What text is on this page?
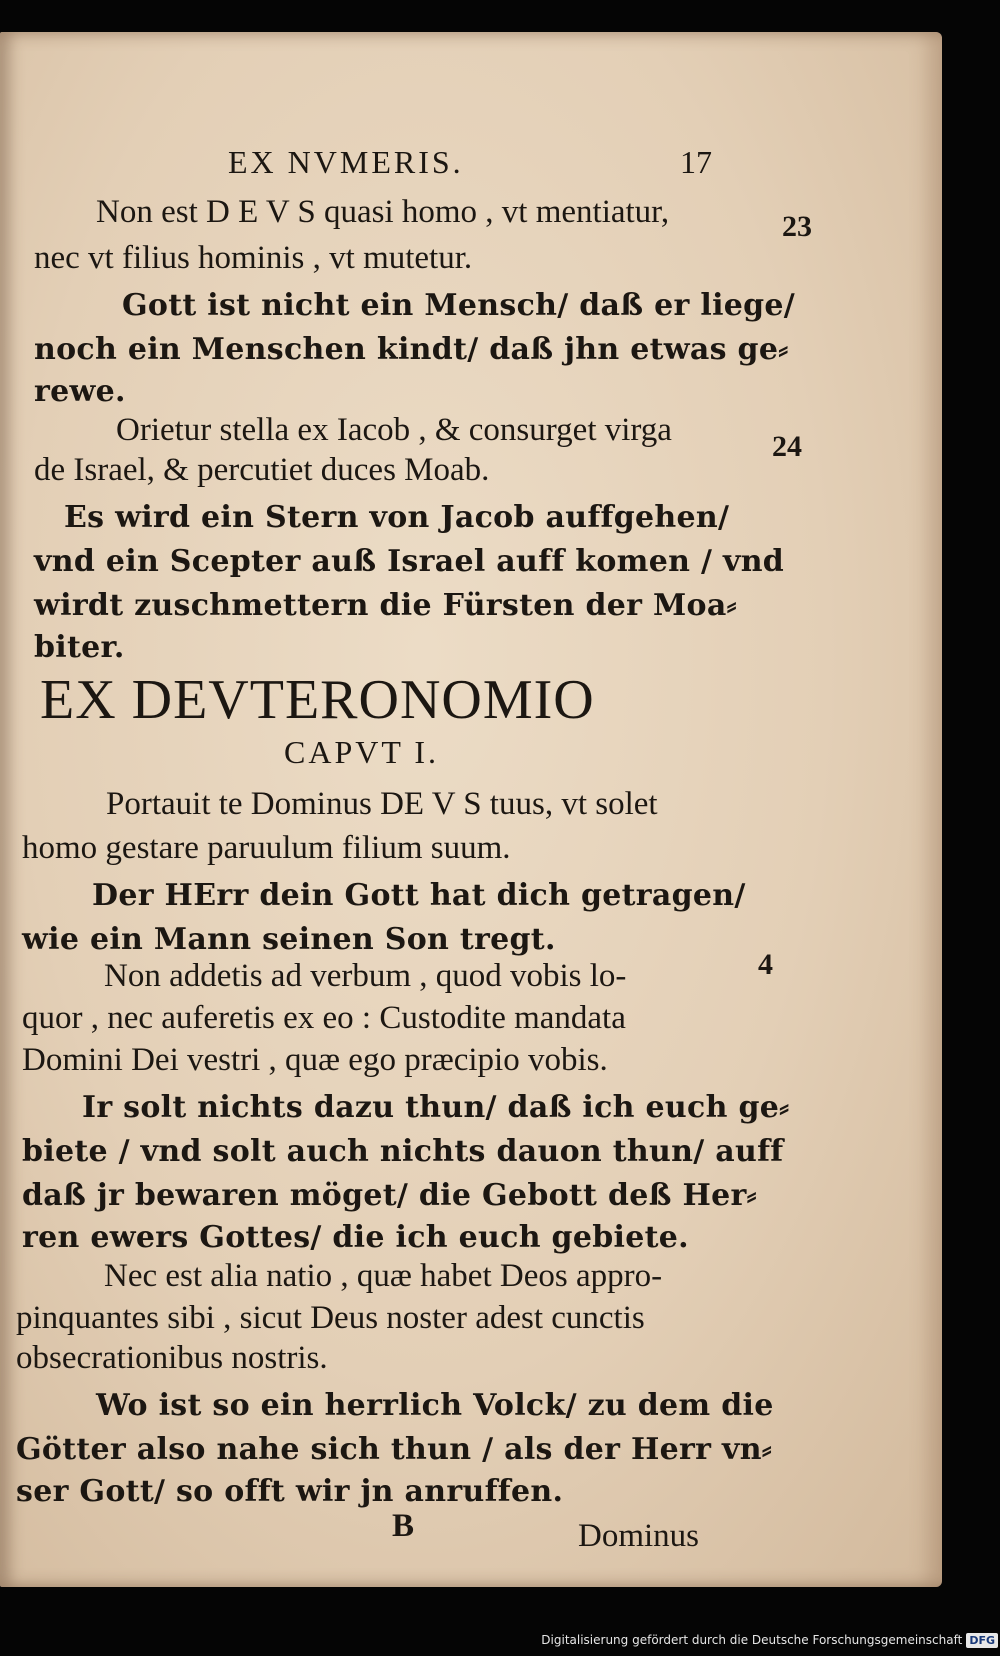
EX NVMERIS.	17
23
24
4
Non est D E V S quasi homo , vt mentiatur,
nec vt filius hominis , vt mutetur.
Gott ist nicht ein Mensch/ daß er liege/
noch ein Menschen kindt/ daß jhn etwas ge⸗
rewe.
Orietur stella ex Iacob , & consurget virga
de Israel, & percutiet duces Moab.
Es wird ein Stern von Jacob auffgehen/
vnd ein Scepter auß Israel auff komen / vnd
wirdt zuschmettern die Fürsten der Moa⸗
biter.
EX DEVTERONOMIO
CAPVT I.
Portauit te Dominus DE V S tuus, vt solet
homo gestare paruulum filium suum.
Der HErr dein Gott hat dich getragen/
wie ein Mann seinen Son tregt.
Non addetis ad verbum , quod vobis lo-
quor , nec auferetis ex eo : Custodite mandata
Domini Dei vestri , quæ ego præcipio vobis.
Ir solt nichts dazu thun/ daß ich euch ge⸗
biete / vnd solt auch nichts dauon thun/ auff
daß jr bewaren möget/ die Gebott deß Her⸗
ren ewers Gottes/ die ich euch gebiete.
Nec est alia natio , quæ habet Deos appro-
pinquantes sibi , sicut Deus noster adest cunctis
obsecrationibus nostris.
Wo ist so ein herrlich Volck/ zu dem die
Götter also nahe sich thun / als der Herr vn⸗
ser Gott/ so offt wir jn anruffen.
B	Dominus
Digitalisierung gefördert durch die Deutsche Forschungsgemeinschaft DFG
